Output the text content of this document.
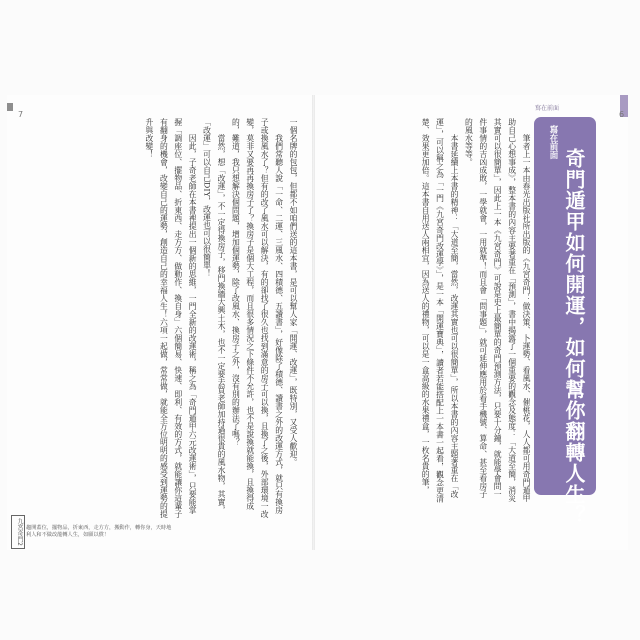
7	6
寫在前面
寫在前面
奇門遁甲如何開運，如何幫你翻轉人生？

筆者上一本由春光出版社所出版的《九宮奇門：做決策、卜運勢、看風水、催桃花，人人都可用奇門遁甲助自己心想事成》，整本書的內容主要著重在「預測」，書中揭露了一個重要的觀念及態度：「大道至簡，消災其實可以很簡單」，因此上一本《九宮奇門》可說是史上最簡單的奇門預測方法，只要十分鐘，就能學會問一件事情的吉凶成敗，一學就會，一用就準！而且會「問事題」，就可延伸應用於看手機號、算命、甚至看房子的風水等等。

本書延續上本書的精神：「大道至簡，當然，改運其實也可以很簡單」，所以本書的內容主題著重在「改運」，可以稱之為「一門《九宮奇門改運學》」，是一本「開運寶典」，讀者若能搭配上一本書一起看，觀念更清楚、效果更加倍。這本書自用送人兩相宜，因為送人的禮物，可以是一盒高級的水果禮盒，一枚名貴的筆，

一個名牌的包包，但都不如咱們送的這本書，是可以幫人家「開運、改運」，既特別，又受人歡迎。

我們常聽人說「一命、二運、三風水、四積德、五讀書」，好像除了積德、讀書之外的改運方式，就只有換房子或換風水了？但有的改了風水可以解決，有的卻找了很久也找到滿意的房子可以換，且換了之後，外部環境一改變，莫非又要再再換房子了？換房子是個大工程，而且很多情況之下條件不允許，也不是說換就能換，且換得成的，難道，我只想解決個問題，增加個運勢，除了改風水、換房子之外，沒有別的辦法了嗎？

當然，想「改運」，不一定得換房子，移門換牆大興土木，也不一定要去買老師加持過很貴的風水物，其實，「改運」可以自己DIY，改運也可以很簡單！

因此，子奇老師在本書裡提出一個新的思維，一門全新的改運術，稱之為「奇門遁甲六元改運術」，只要能掌握「調座位、擺物品、折東西、走方方、做動作、換自身」六個簡易、快速、即利、有效的方式，就能讓你這輩子有翻身的機會，改變自己的運勢，創造自己的幸福人生！六項一起做，常常做，就能全方位明明的感受到運勢的提升與改變！

九宮奇門2 趨開蓋位，擺物品，折東西，走方方，搬動作，轉你身，天時地利人和不做改龍轉人生，如願以償！
